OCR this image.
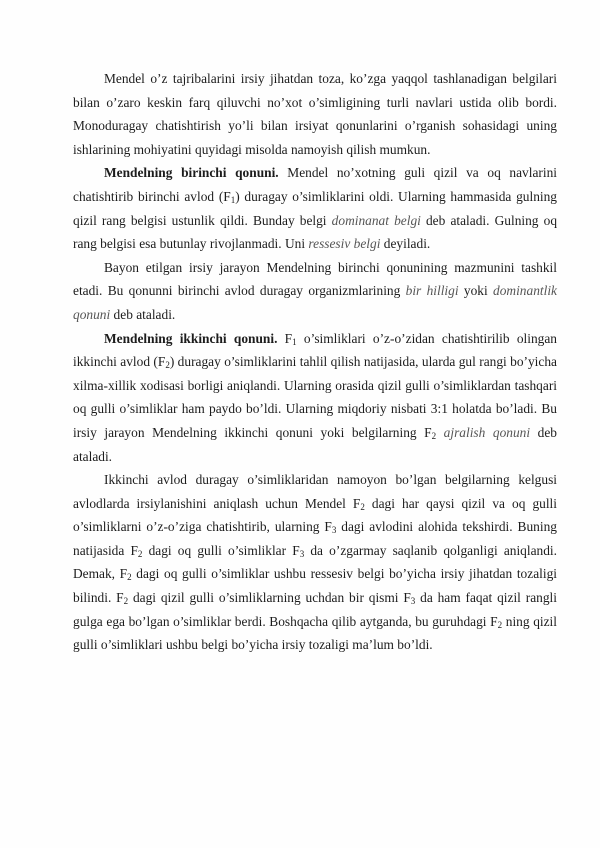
Mendel o’z tajribalarini irsiy jihatdan toza, ko’zga yaqqol tashlanadigan belgilari bilan o’zaro keskin farq qiluvchi no’xot o’simligining turli navlari ustida olib bordi. Monoduragay chatishtirish yo’li bilan irsiyat qonunlarini o’rganish sohasidagi uning ishlarining mohiyatini quyidagi misolda namoyish qilish mumkun.

Mendelning birinchi qonuni. Mendel no’xotning guli qizil va oq navlarini chatishtirib birinchi avlod $(F_1)$ duragay o’simliklarini oldi. Ularning hammasida gulning qizil rang belgisi ustunlik qildi. Bunday belgi dominanat belgi deb ataladi. Gulning oq rang belgisi esa butunlay rivojlanmadi. Uni ressesiv belgi deyiladi.

Bayon etilgan irsiy jarayon Mendelning birinchi qonunining mazmunini tashkil etadi. Bu qonunni birinchi avlod duragay organizmlarining bir hilligi yoki dominantlik qonuni deb ataladi.

Mendelning ikkinchi qonuni. $F_1$ o’simliklari o’z-o’zidan chatishtirilib olingan ikkinchi avlod $(F_2)$ duragay o’simliklarini tahlil qilish natijasida, ularda gul rangi bo’yicha xilma-xillik xodisasi borligi aniqlandi. Ularning orasida qizil gulli o’simliklardan tashqari oq gulli o’simliklar ham paydo bo’ldi. Ularning miqdoriy nisbati 3:1 holatda bo’ladi. Bu irsiy jarayon Mendelning ikkinchi qonuni yoki belgilarning $F_2$ ajralish qonuni deb ataladi.

Ikkinchi avlod duragay o’simliklaridan namoyon bo’lgan belgilarning kelgusi avlodlarda irsiylanishini aniqlash uchun Mendel $F_2$ dagi har qaysi qizil va oq gulli o’simliklarni o’z-o’ziga chatishtirib, ularning $F_3$ dagi avlodini alohida tekshirdi. Buning natijasida $F_2$ dagi oq gulli o’simliklar $F_3$ da o’zgarmay saqlanib qolganligi aniqlandi. Demak, $F_2$ dagi oq gulli o’simliklar ushbu ressesiv belgi bo’yicha irsiy jihatdan tozaligi bilindi. $F_2$ dagi qizil gulli o’simliklarning uchdan bir qismi $F_3$ da ham faqat qizil rangli gulga ega bo’lgan o’simliklar berdi. Boshqacha qilib aytganda, bu guruhdagi $F_2$ ning qizil gulli o’simliklari ushbu belgi bo’yicha irsiy tozaligi ma’lum bo’ldi.
